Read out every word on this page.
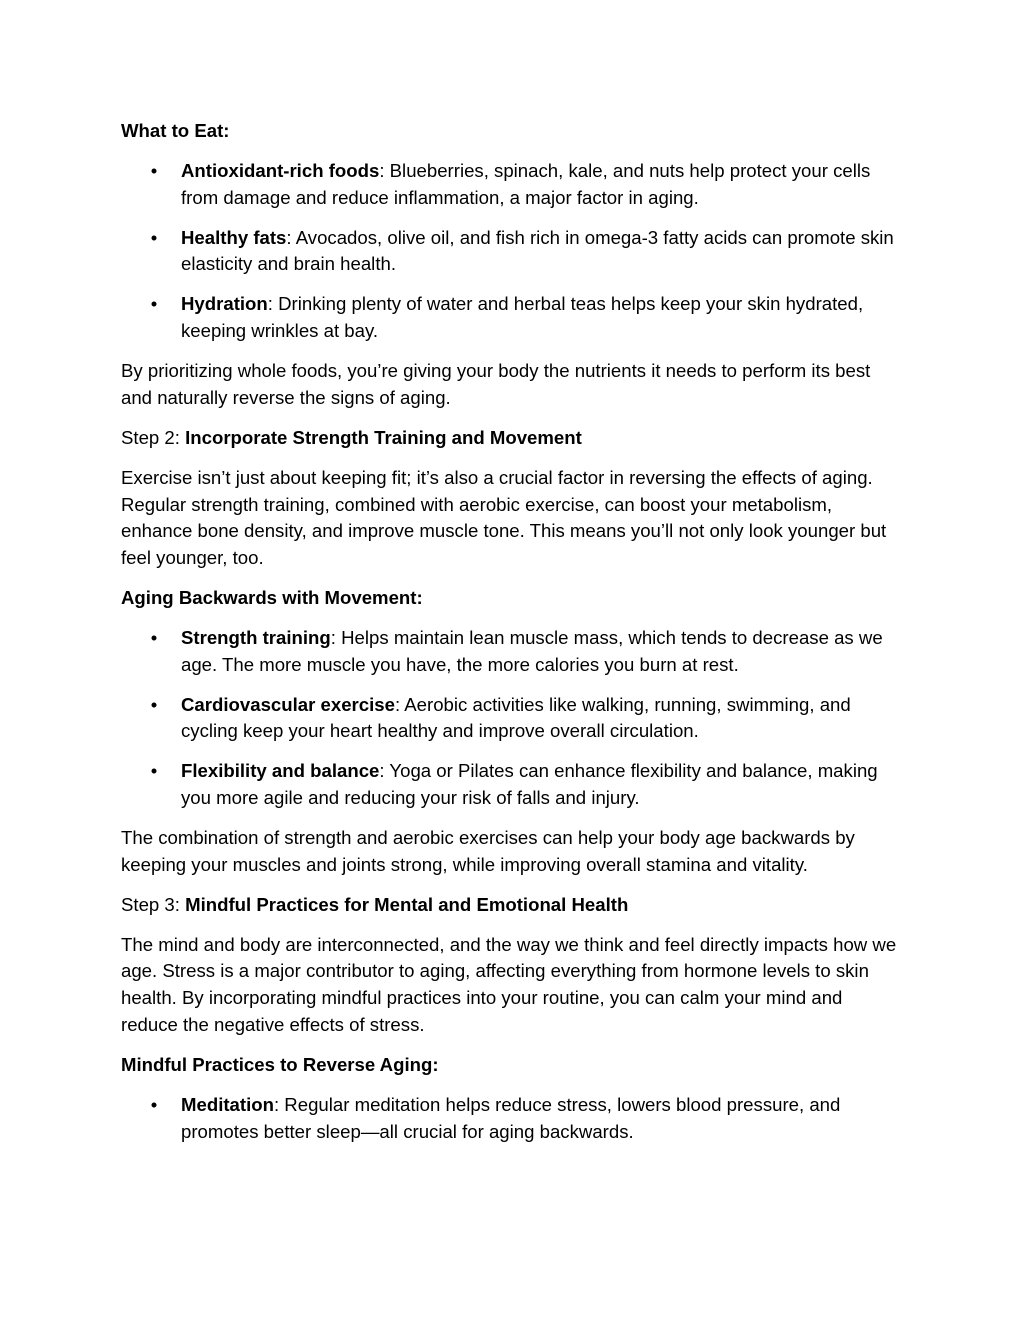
What to Eat:

• Antioxidant-rich foods: Blueberries, spinach, kale, and nuts help protect your cells from damage and reduce inflammation, a major factor in aging.
• Healthy fats: Avocados, olive oil, and fish rich in omega-3 fatty acids can promote skin elasticity and brain health.
• Hydration: Drinking plenty of water and herbal teas helps keep your skin hydrated, keeping wrinkles at bay.

By prioritizing whole foods, you’re giving your body the nutrients it needs to perform its best and naturally reverse the signs of aging.

Step 2: Incorporate Strength Training and Movement

Exercise isn’t just about keeping fit; it’s also a crucial factor in reversing the effects of aging. Regular strength training, combined with aerobic exercise, can boost your metabolism, enhance bone density, and improve muscle tone. This means you’ll not only look younger but feel younger, too.

Aging Backwards with Movement:

• Strength training: Helps maintain lean muscle mass, which tends to decrease as we age. The more muscle you have, the more calories you burn at rest.
• Cardiovascular exercise: Aerobic activities like walking, running, swimming, and cycling keep your heart healthy and improve overall circulation.
• Flexibility and balance: Yoga or Pilates can enhance flexibility and balance, making you more agile and reducing your risk of falls and injury.

The combination of strength and aerobic exercises can help your body age backwards by keeping your muscles and joints strong, while improving overall stamina and vitality.

Step 3: Mindful Practices for Mental and Emotional Health

The mind and body are interconnected, and the way we think and feel directly impacts how we age. Stress is a major contributor to aging, affecting everything from hormone levels to skin health. By incorporating mindful practices into your routine, you can calm your mind and reduce the negative effects of stress.

Mindful Practices to Reverse Aging:

• Meditation: Regular meditation helps reduce stress, lowers blood pressure, and promotes better sleep—all crucial for aging backwards.
